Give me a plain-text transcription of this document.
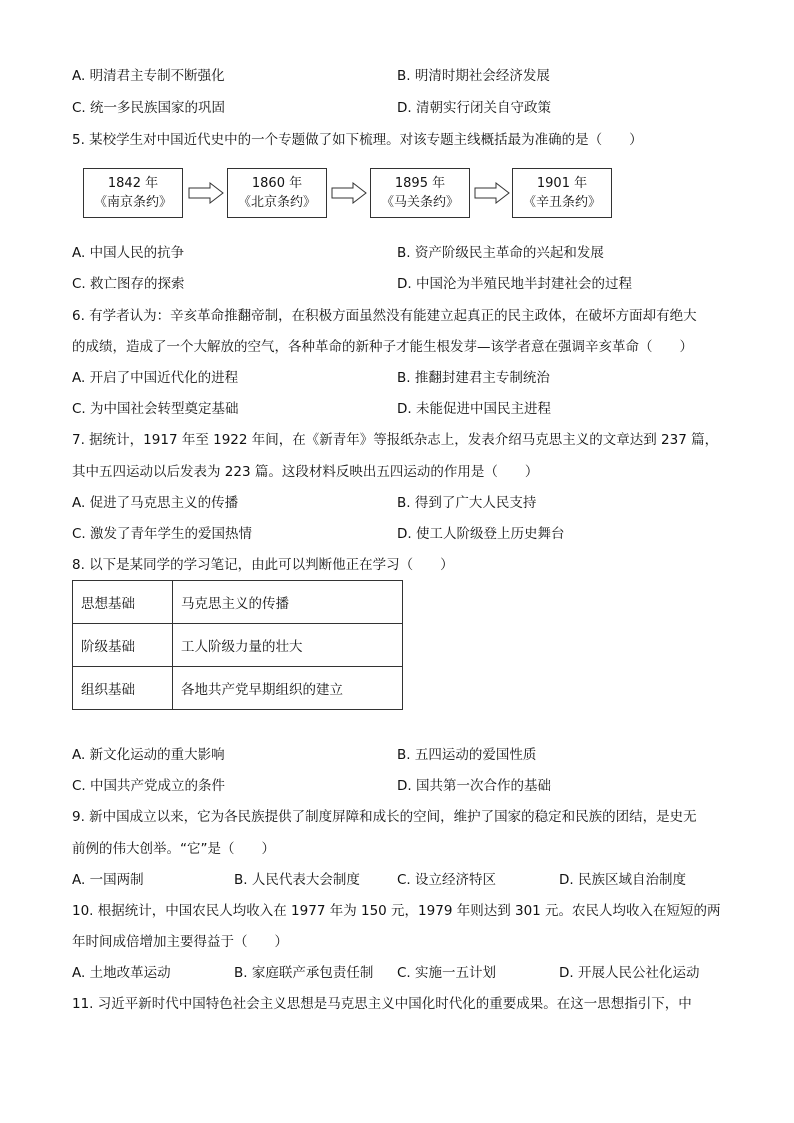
A. 明清君主专制不断强化	B. 明清时期社会经济发展
C. 统一多民族国家的巩固	D. 清朝实行闭关自守政策
5. 某校学生对中国近代史中的一个专题做了如下梳理。对该专题主线概括最为准确的是（　　）
1842 年
《南京条约》
1860 年
《北京条约》
1895 年
《马关条约》
1901 年
《辛丑条约》
A. 中国人民的抗争	B. 资产阶级民主革命的兴起和发展
C. 救亡图存的探索	D. 中国沦为半殖民地半封建社会的过程
6. 有学者认为：辛亥革命推翻帝制，在积极方面虽然没有能建立起真正的民主政体，在破坏方面却有绝大
的成绩，造成了一个大解放的空气，各种革命的新种子才能生根发芽—该学者意在强调辛亥革命（　　）
A. 开启了中国近代化的进程	B. 推翻封建君主专制统治
C. 为中国社会转型奠定基础	D. 未能促进中国民主进程
7. 据统计，1917 年至 1922 年间，在《新青年》等报纸杂志上，发表介绍马克思主义的文章达到 237 篇，
其中五四运动以后发表为 223 篇。这段材料反映出五四运动的作用是（　　）
A. 促进了马克思主义的传播	B. 得到了广大人民支持
C. 激发了青年学生的爱国热情	D. 使工人阶级登上历史舞台
8. 以下是某同学的学习笔记，由此可以判断他正在学习（　　）
思想基础	马克思主义的传播
阶级基础	工人阶级力量的壮大
组织基础	各地共产党早期组织的建立
A. 新文化运动的重大影响	B. 五四运动的爱国性质
C. 中国共产党成立的条件	D. 国共第一次合作的基础
9. 新中国成立以来，它为各民族提供了制度屏障和成长的空间，维护了国家的稳定和民族的团结，是史无
前例的伟大创举。“它”是（　　）
A. 一国两制	B. 人民代表大会制度	C. 设立经济特区	D. 民族区域自治制度
10. 根据统计，中国农民人均收入在 1977 年为 150 元，1979 年则达到 301 元。农民人均收入在短短的两
年时间成倍增加主要得益于（　　）
A. 土地改革运动	B. 家庭联产承包责任制 C. 实施一五计划	D. 开展人民公社化运动
11. 习近平新时代中国特色社会主义思想是马克思主义中国化时代化的重要成果。在这一思想指引下，中
